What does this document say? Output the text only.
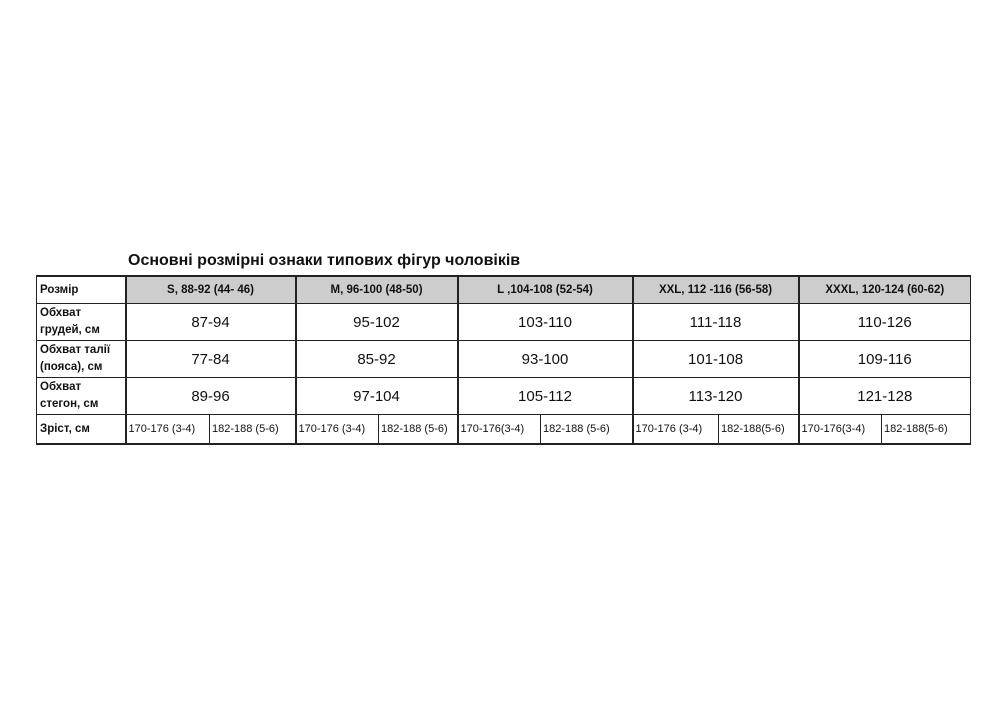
Основні розмірні ознаки типових фігур чоловіків
Розмір	S, 88-92 (44- 46)		M, 96-100 (48-50)		L ,104-108 (52-54)		XXL, 112 -116 (56-58)		XXXL, 120-124 (60-62)	
Обхват грудей, см	87-94		95-102		103-110		111-118		110-126	
Обхват талії (пояса), см	77-84		85-92		93-100		101-108		109-116	
Обхват стегон, см	89-96		97-104		105-112		113-120		121-128	
Зріст, см	170-176 (3-4)	182-188 (5-6)	170-176 (3-4)	182-188 (5-6)	170-176(3-4)	182-188 (5-6)	170-176 (3-4)	182-188(5-6)	170-176(3-4)	182-188(5-6)
